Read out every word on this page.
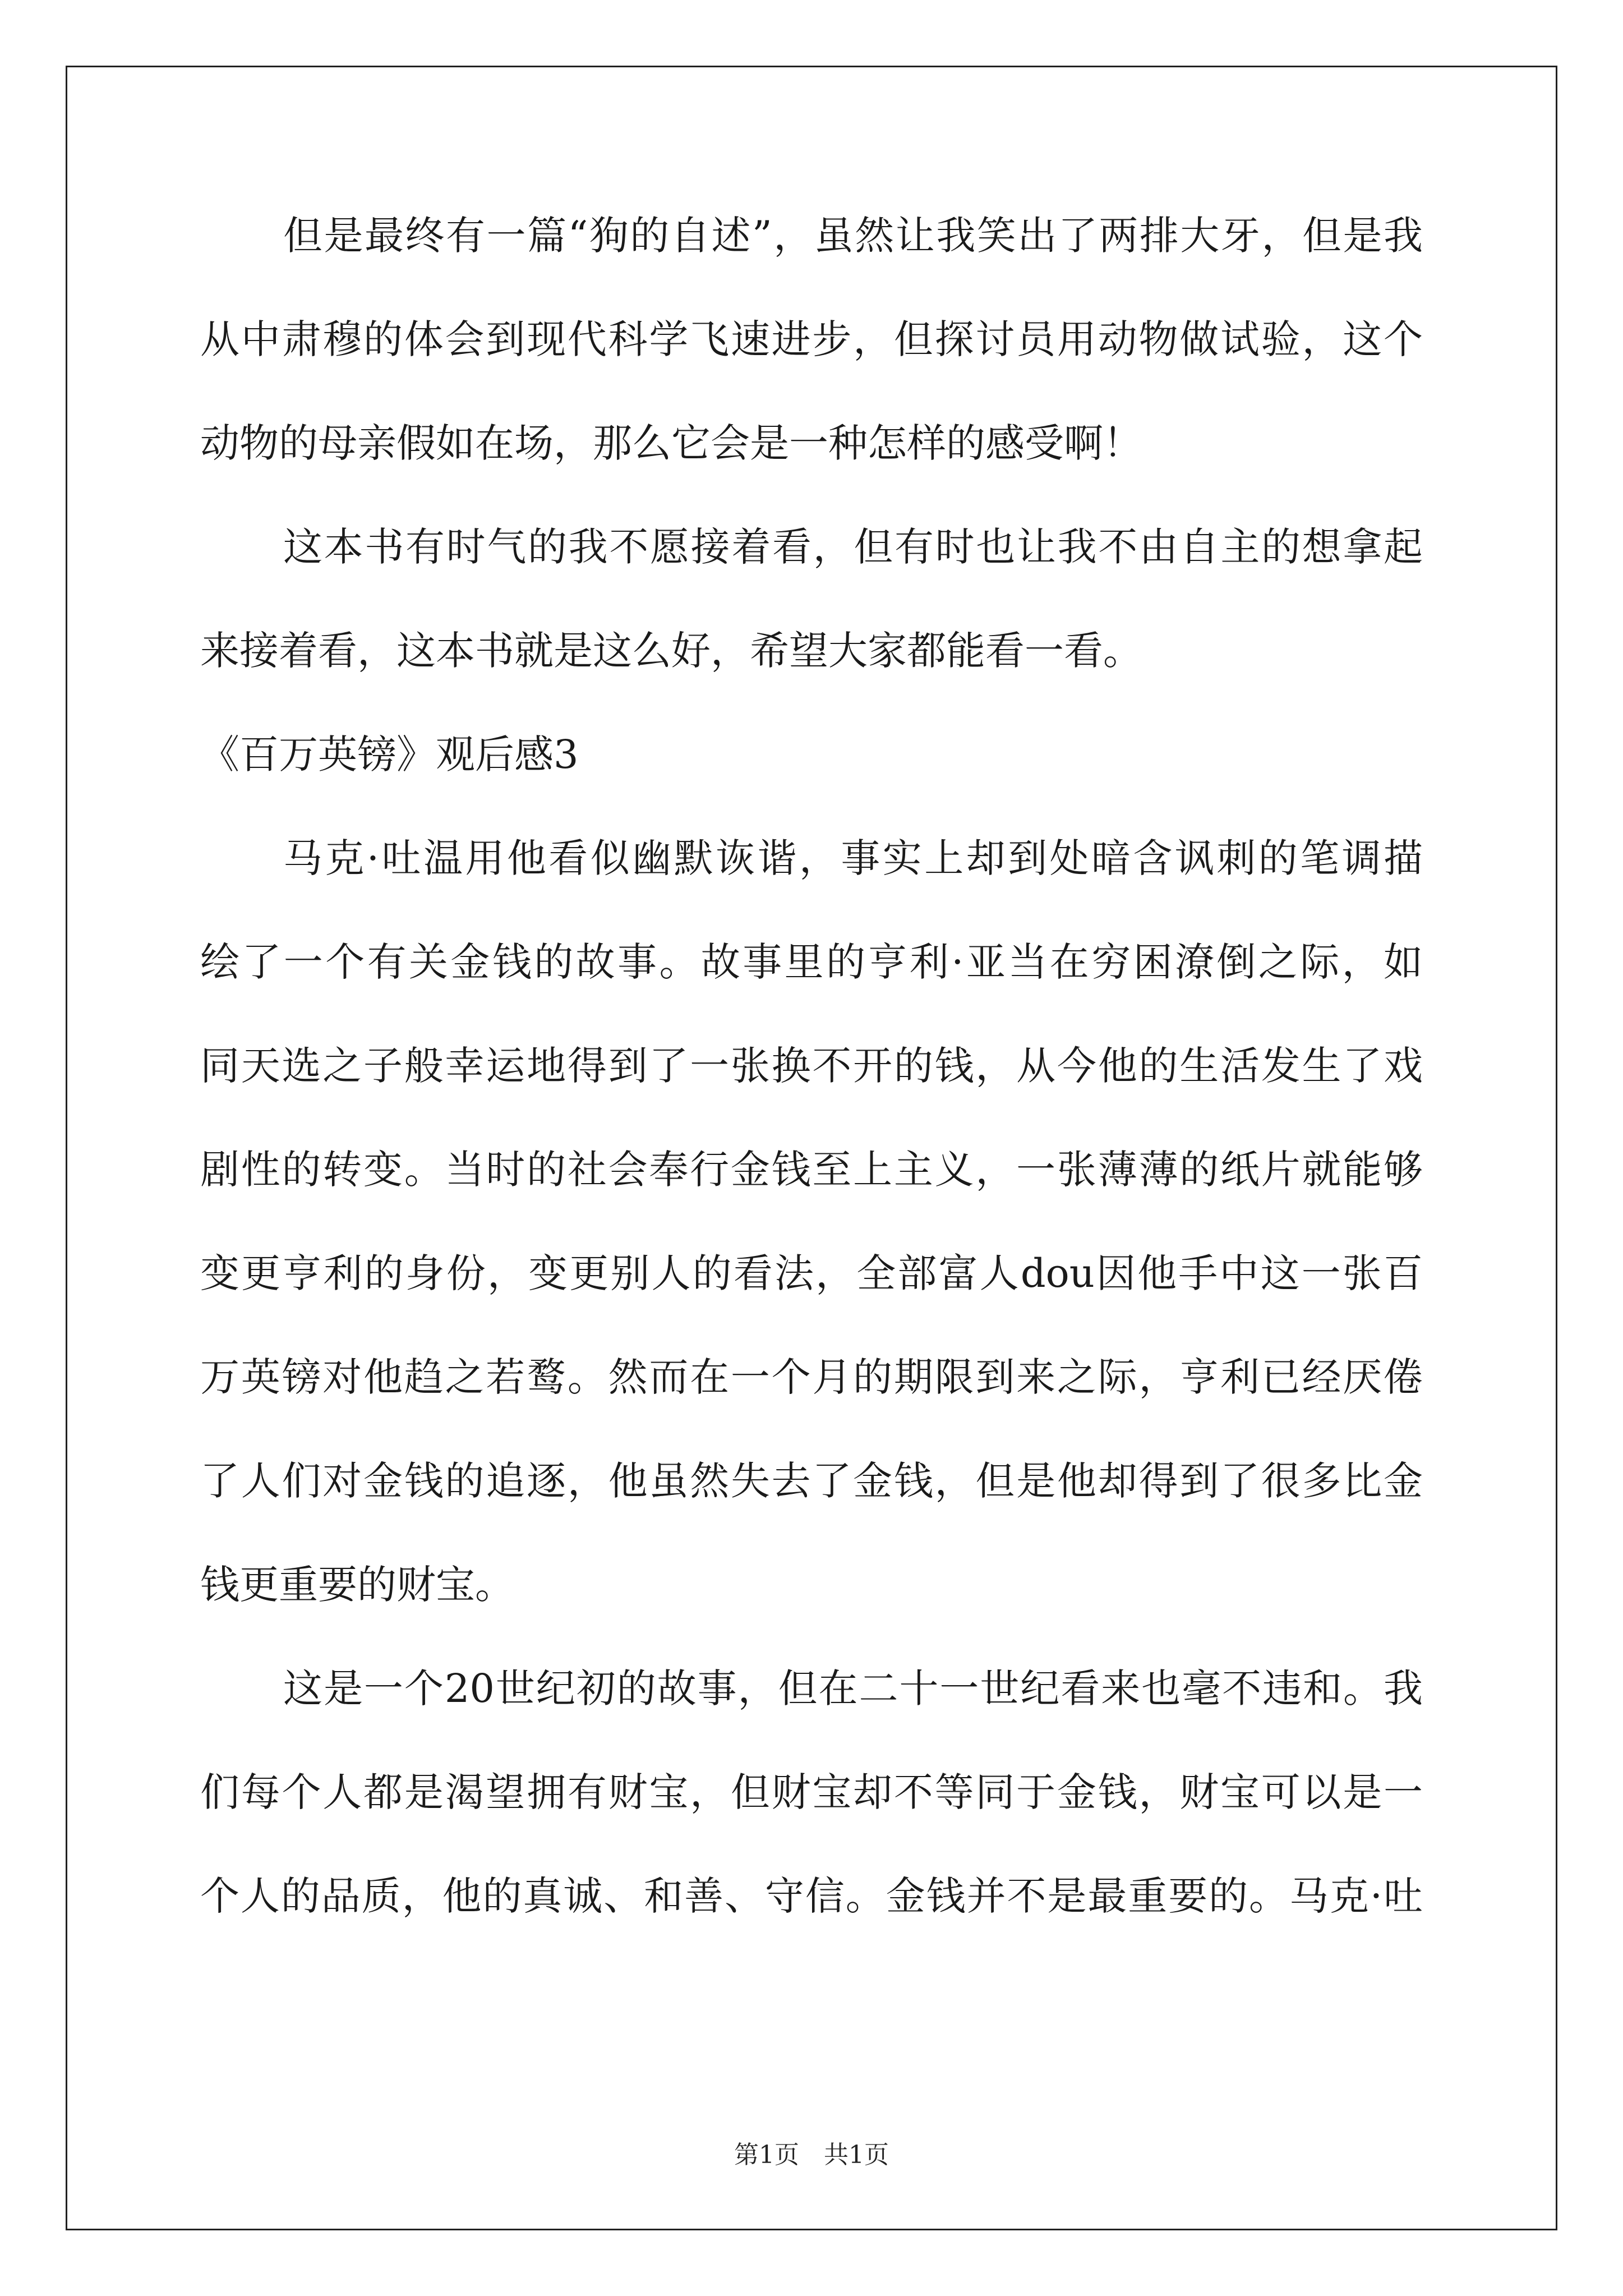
但是最终有一篇“狗的自述”，虽然让我笑出了两排大牙，但是我
从中肃穆的体会到现代科学飞速进步，但探讨员用动物做试验，这个
动物的母亲假如在场，那么它会是一种怎样的感受啊！
这本书有时气的我不愿接着看，但有时也让我不由自主的想拿起
来接着看，这本书就是这么好，希望大家都能看一看。
《百万英镑》观后感3
马克·吐温用他看似幽默诙谐，事实上却到处暗含讽刺的笔调描
绘了一个有关金钱的故事。故事里的亨利·亚当在穷困潦倒之际，如
同天选之子般幸运地得到了一张换不开的钱，从今他的生活发生了戏
剧性的转变。当时的社会奉行金钱至上主义，一张薄薄的纸片就能够
变更亨利的身份，变更别人的看法，全部富人dou因他手中这一张百
万英镑对他趋之若鹜。然而在一个月的期限到来之际，亨利已经厌倦
了人们对金钱的追逐，他虽然失去了金钱，但是他却得到了很多比金
钱更重要的财宝。
这是一个20世纪初的故事，但在二十一世纪看来也毫不违和。我
们每个人都是渴望拥有财宝，但财宝却不等同于金钱，财宝可以是一
个人的品质，他的真诚、和善、守信。金钱并不是最重要的。马克·吐
第1页　共1页
